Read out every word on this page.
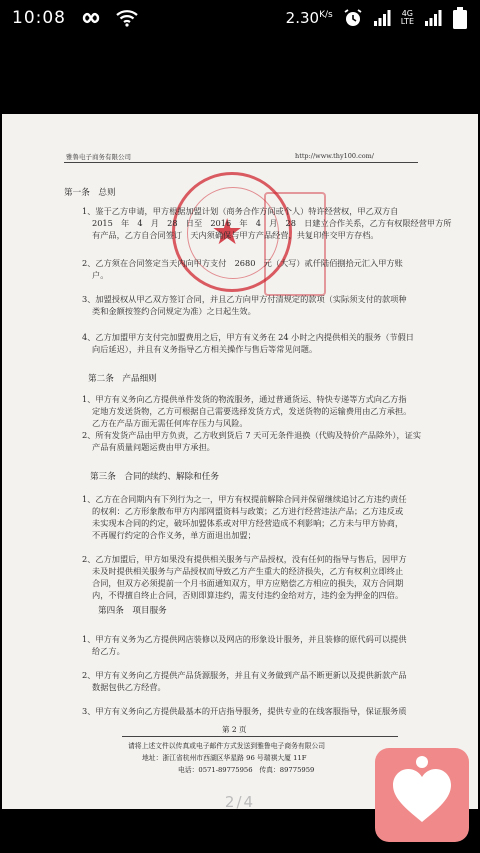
10:08	$2.30^{K/s}$	4G
LTE
雅鲁电子商务有限公司	http://www.thy100.com/
★
第一条　总则
1、鉴于乙方申请，甲方根据加盟计划（商务合作方间或个人）特许经营权，甲乙双方自
2015　年　4　月　28　日至　2016　年　4　月　28　日建立合作关系，乙方有权限经营甲方所
有产品，乙方自合同签订　天内须确保与甲方产品经营，共复印件交甲方存档。
2、乙方须在合同签定当天内向甲方支付　2680　元（大写）贰仟陆佰捌拾元汇入甲方账
户。
3、加盟授权从甲乙双方签订合同，并且乙方向甲方付清规定的款项（实际须支付的款项种
类和金额按签约合同规定为准）之日起生效。
4、乙方加盟甲方支付完加盟费用之后，甲方有义务在 24 小时之内提供相关的服务（节假日
向后延迟），并且有义务指导乙方相关操作与售后等常见问题。
第二条　产品细则
1、甲方有义务向乙方提供单件发货的物流服务，通过普通货运、特快专递等方式向乙方指
定地方发送货物，乙方可根据自己需要选择发货方式，发送货物的运输费用由乙方承担。
乙方在产品方面无需任何库存压力与风险。
2、所有发货产品由甲方负责，乙方收到货后 7 天可无条件退换（代购及特价产品除外），证实
产品有质量问题运费由甲方承担。
第三条　合同的续约、解除和任务
1、乙方在合同期内有下列行为之一，甲方有权提前解除合同并保留继续追讨乙方违约责任
的权利：乙方形象散布甲方内部网盟资料与政策；乙方进行经营违法产品；乙方违反或
未实现本合同的约定，破坏加盟体系或对甲方经营造成不利影响；乙方未与甲方协商，
不再履行约定的合作义务，单方面退出加盟；
2、乙方加盟后，甲方如果没有提供相关服务与产品授权，没有任何的指导与售后，因甲方
未及时提供相关服务与产品授权而导致乙方产生重大的经济损失，乙方有权利立即终止
合同，但双方必须提前一个月书面通知双方，甲方应赔偿乙方相应的损失，双方合同期
内，不得擅自终止合同，否则即算违约，需支付违约金给对方，违约金为押金的四倍。
第四条　项目服务
1、甲方有义务为乙方提供网店装修以及网店的形象设计服务，并且装修的原代码可以提供
给乙方。
2、甲方有义务向乙方提供产品货源服务，并且有义务做到产品不断更新以及提供新款产品
数据包供乙方经营。
3、甲方有义务向乙方提供最基本的开店指导服务，提供专业的在线客服指导，保证服务质
第 2 页
请将上述文件以传真或电子邮件方式发送到雅鲁电子商务有限公司
地址：浙江省杭州市西湖区华星路 96 号瑞祺大厦 11F
电话：0571-89775956　传真：89775959
2/4
